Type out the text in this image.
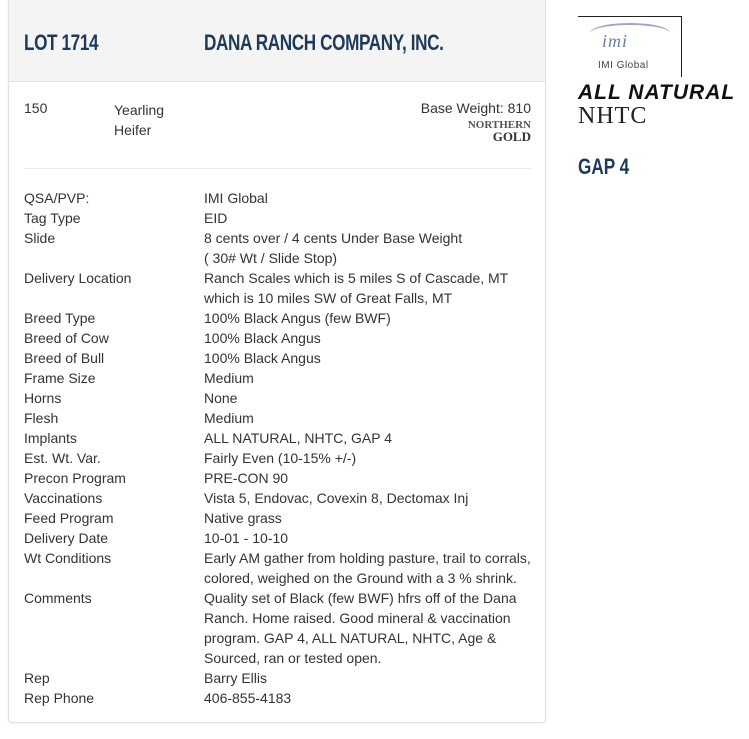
LOT 1714	DANA RANCH COMPANY, INC.
150	Yearling
Heifer
Base Weight: 810
NORTHERN
GOLD
QSA/PVP:	IMI Global
Tag Type	EID
Slide	8 cents over / 4 cents Under Base Weight
( 30# Wt / Slide Stop)
Delivery Location	Ranch Scales which is 5 miles S of Cascade, MT
which is 10 miles SW of Great Falls, MT
Breed Type	100% Black Angus (few BWF)
Breed of Cow	100% Black Angus
Breed of Bull	100% Black Angus
Frame Size	Medium
Horns	None
Flesh	Medium
Implants	ALL NATURAL, NHTC, GAP 4
Est. Wt. Var.	Fairly Even (10-15% +/-)
Precon Program	PRE-CON 90
Vaccinations	Vista 5, Endovac, Covexin 8, Dectomax Inj
Feed Program	Native grass
Delivery Date	10-01 - 10-10
Wt Conditions	Early AM gather from holding pasture, trail to corrals,
colored, weighed on the Ground with a 3 % shrink.
Comments	Quality set of Black (few BWF) hfrs off of the Dana
Ranch. Home raised. Good mineral & vaccination
program. GAP 4, ALL NATURAL, NHTC, Age &
Sourced, ran or tested open.
Rep	Barry Ellis
Rep Phone	406-855-4183
imi
IMI Global
ALL NATURAL
NHTC
GAP 4
